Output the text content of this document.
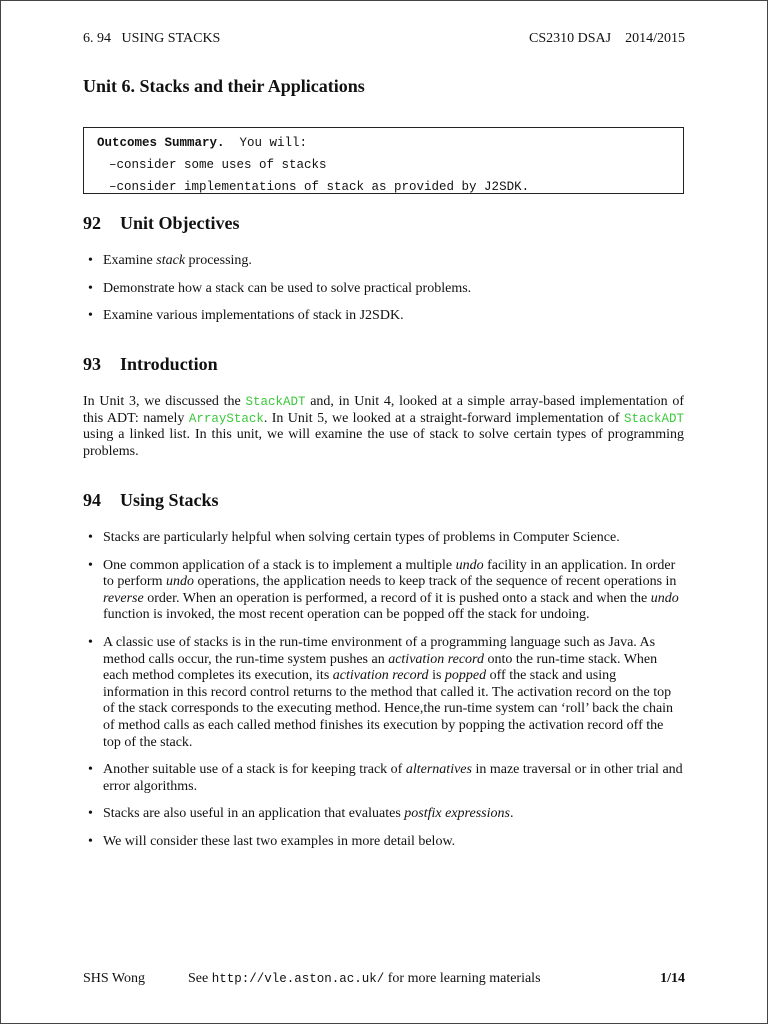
6. 94   USING STACKS	CS2310 DSAJ 2014/2015
Unit 6. Stacks and their Applications
Outcomes Summary. You will:
–consider some uses of stacks
–consider implementations of stack as provided by J2SDK.
92 Unit Objectives
• Examine stack processing.
• Demonstrate how a stack can be used to solve practical problems.
• Examine various implementations of stack in J2SDK.
93 Introduction

In Unit 3, we discussed the StackADT and, in Unit 4, looked at a simple array-based implementation of this ADT: namely ArrayStack. In Unit 5, we looked at a straight-forward implementation of StackADT using a linked list. In this unit, we will examine the use of stack to solve certain types of programming problems.

94 Using Stacks
• Stacks are particularly helpful when solving certain types of problems in Computer Science.
• One common application of a stack is to implement a multiple undo facility in an application. In order to perform undo operations, the application needs to keep track of the sequence of recent operations in reverse order. When an operation is performed, a record of it is pushed onto a stack and when the undo function is invoked, the most recent operation can be popped off the stack for undoing.
• A classic use of stacks is in the run-time environment of a programming language such as Java. As method calls occur, the run-time system pushes an activation record onto the run-time stack. When each method completes its execution, its activation record is popped off the stack and using information in this record control returns to the method that called it. The activation record on the top of the stack corresponds to the executing method. Hence,the run-time system can ‘roll’ back the chain of method calls as each called method finishes its execution by popping the activation record off the top of the stack.
• Another suitable use of a stack is for keeping track of alternatives in maze traversal or in other trial and error algorithms.
• Stacks are also useful in an application that evaluates postfix expressions.
• We will consider these last two examples in more detail below.
SHS Wong	See http://vle.aston.ac.uk/ for more learning materials	1/14
